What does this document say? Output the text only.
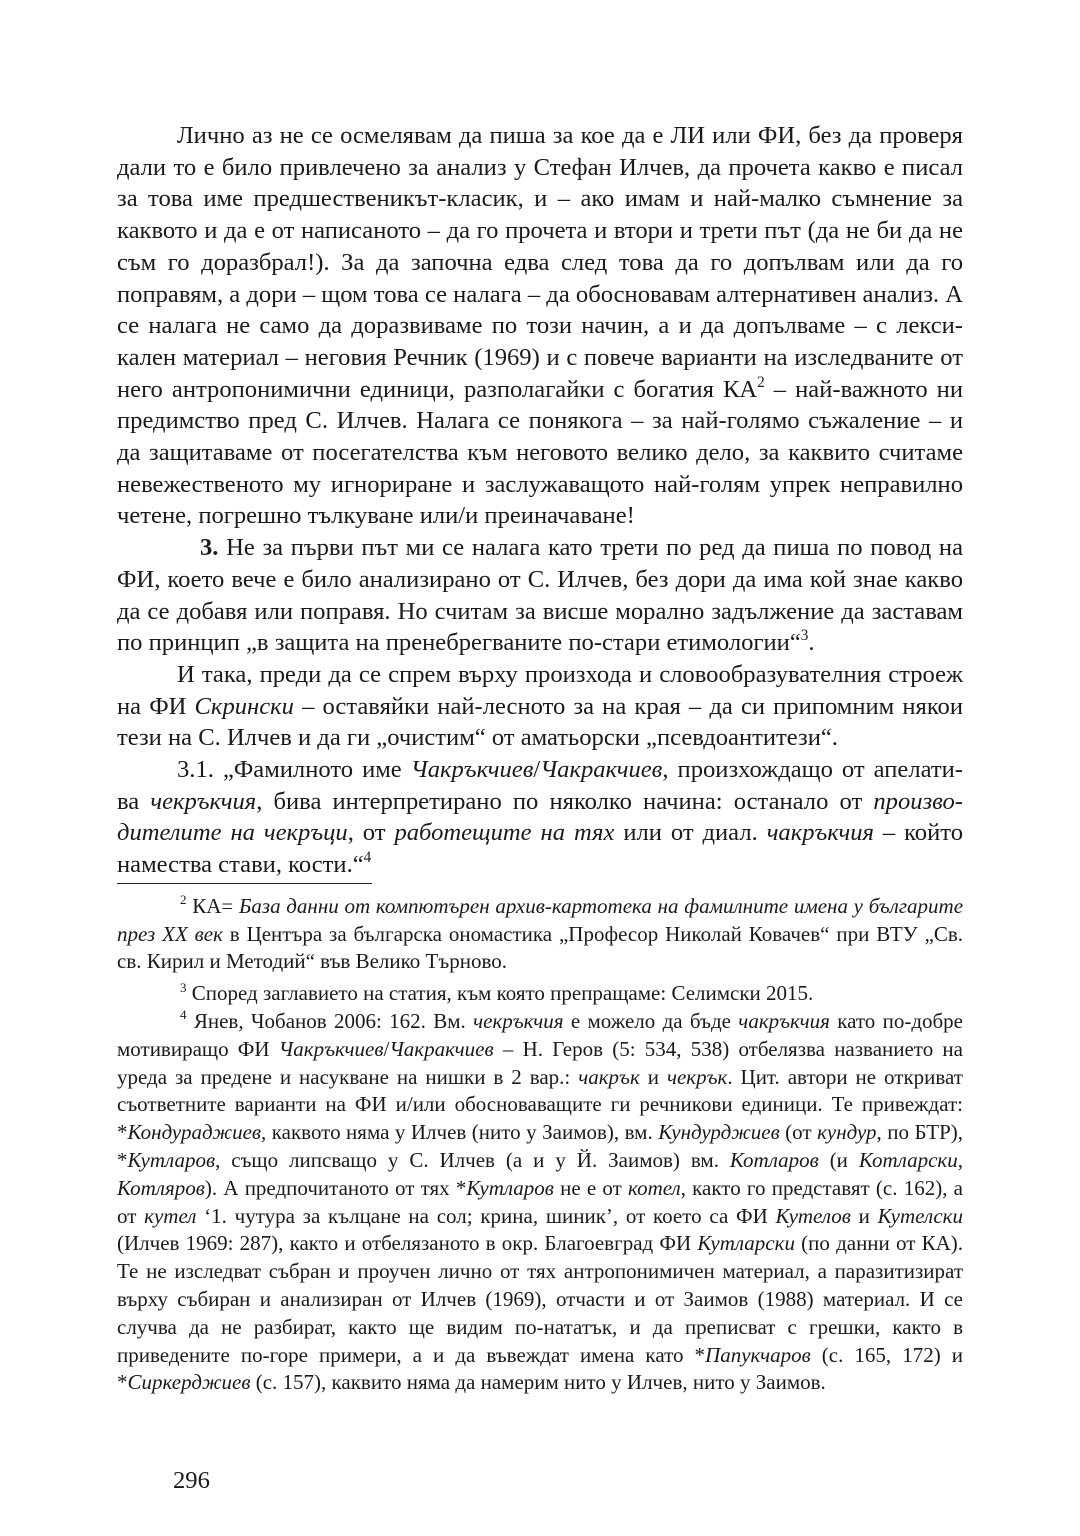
Лично аз не се осмелявам да пиша за кое да е ЛИ или ФИ, без да проверя дали то е било привлечено за анализ у Стефан Илчев, да прочета какво е писал за това име предшественикът-класик, и – ако имам и най-малко съмнение за каквото и да е от написаното – да го прочета и втори и трети път (да не би да не съм го доразбрал!). За да започна едва след това да го допълвам или да го поправям, а дори – щом това се налага – да обосновавам алтернативен анализ. А се налага не само да доразвиваме по този начин, а и да допълваме – с лекси-кален материал – неговия Речник (1969) и с повече варианти на изследваните от него антропонимични единици, разполагайки с богатия $КА^2$ – най-важното ни предимство пред С. Илчев. Налага се понякога – за най-голямо съжаление – и да защитаваме от посегателства към неговото велико дело, за каквито считаме невежественото му игнориране и заслужаващото най-голям упрек неправилно четене, погрешно тълкуване или/и преиначаване!

3. Не за първи път ми се налага като трети по ред да пиша по повод на ФИ, което вече е било анализирано от С. Илчев, без дори да има кой знае какво да се добавя или поправя. Но считам за висше морално задължение да заставам по принцип „в защита на пренебрегваните по-стари етимологии“$^3$.

И така, преди да се спрем върху произхода и словообразувателния строеж на ФИ Скрински – оставяйки най-лесното за на края – да си припомним някои тези на С. Илчев и да ги „очистим“ от аматьорски „псевдоантитези“.

3.1. „Фамилното име Чакръкчиев/Чакракчиев, произхождащо от апелати-ва чекръкчия, бива интерпретирано по няколко начина: останало от произво-дителите на чекръци, от работещите на тях или от диал. чакръкчия – който намества стави, кости.“$^4$

$^2$ КА= База данни от компютърен архив-картотека на фамилните имена у българите през XX век в Центъра за българска ономастика „Професор Николай Ковачев“ при ВТУ „Св. св. Кирил и Методий“ във Велико Търново.

$^3$ Според заглавието на статия, към която препращаме: Селимски 2015.

$^4$ Янев, Чобанов 2006: 162. Вм. чекръкчия е можело да бъде чакръкчия като по-добре мотивиращо ФИ Чакръкчиев/Чакракчиев – Н. Геров (5: 534, 538) отбелязва названието на уреда за предене и насукване на нишки в 2 вар.: чакрък и чекрък. Цит. автори не откриват съответните варианти на ФИ и/или обосноваващите ги речникови единици. Те привеждат: *Кондураджиев, каквото няма у Илчев (нито у Заимов), вм. Кундурджиев (от кундур, по БТР), *Кутларов, също липсващо у С. Илчев (а и у Й. Заимов) вм. Котларов (и Котларски, Котляров). А предпочитаното от тях *Кутларов не е от котел, както го представят (с. 162), а от кутел ‘1. чутура за кълцане на сол; крина, шиник’, от което са ФИ Кутелов и Кутелски (Илчев 1969: 287), както и отбелязаното в окр. Благоевград ФИ Кутларски (по данни от КА). Те не изследват събран и проучен лично от тях антропонимичен материал, а паразитизират върху събиран и анализиран от Илчев (1969), отчасти и от Заимов (1988) материал. И се случва да не разбират, както ще видим по-нататък, и да преписват с грешки, както в приведените по-горе примери, а и да въвеждат имена като *Папукчаров (с. 165, 172) и *Сиркерджиев (с. 157), каквито няма да намерим нито у Илчев, нито у Заимов.

296
